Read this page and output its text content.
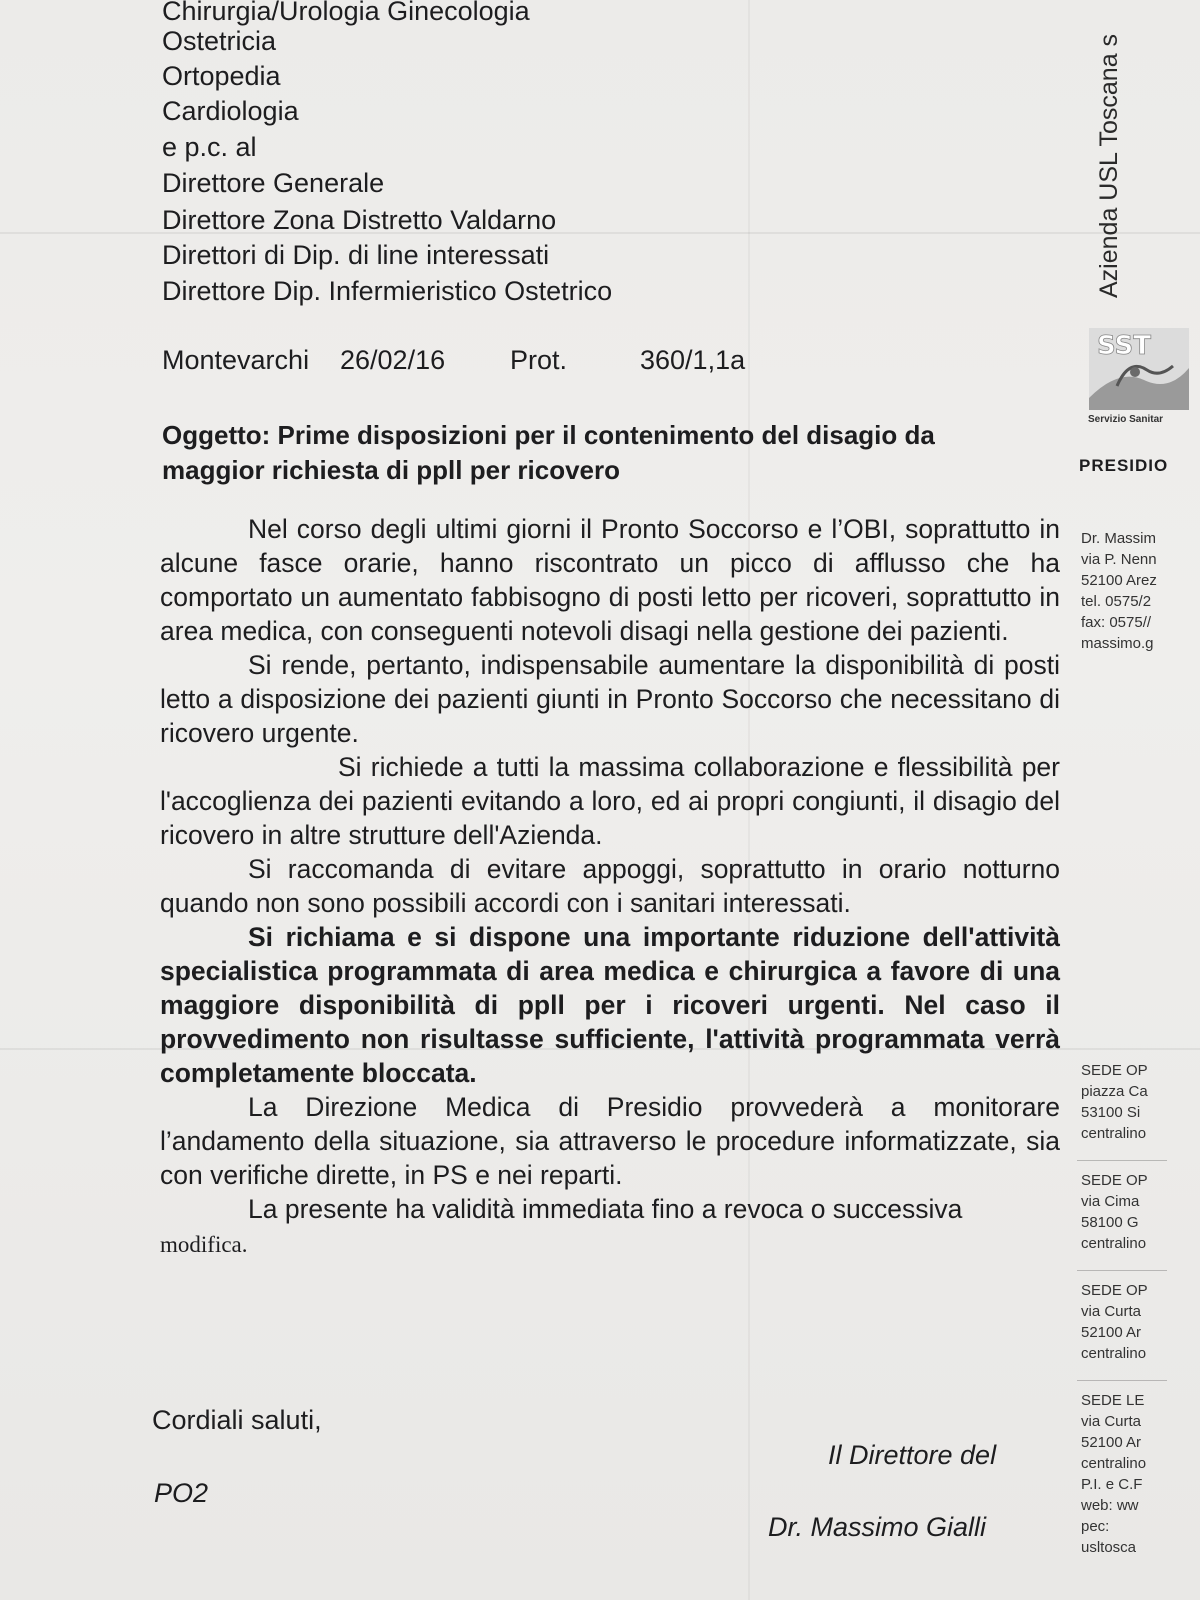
Chirurgia/Urologia Ginecologia
Ostetricia
Ortopedia
Cardiologia
e p.c. al
Direttore Generale
Direttore Zona Distretto Valdarno
Direttori di Dip. di line interessati
Direttore Dip. Infermieristico Ostetrico
Montevarchi 26/02/16 Prot.	360/1,1a
Oggetto: Prime disposizioni per il contenimento del disagio da maggior richiesta di ppll per ricovero

Nel corso degli ultimi giorni il Pronto Soccorso e l’OBI, soprattutto in alcune fasce orarie, hanno riscontrato un picco di afflusso che ha comportato un aumentato fabbisogno di posti letto per ricoveri, soprattutto in area medica, con conseguenti notevoli disagi nella gestione dei pazienti.

Si rende, pertanto, indispensabile aumentare la disponibilità di posti letto a disposizione dei pazienti giunti in Pronto Soccorso che necessitano di ricovero urgente.

Si richiede a tutti la massima collaborazione e flessibilità per l'accoglienza dei pazienti evitando a loro, ed ai propri congiunti, il disagio del ricovero in altre strutture dell'Azienda.

Si raccomanda di evitare appoggi, soprattutto in orario notturno quando non sono possibili accordi con i sanitari interessati.

Si richiama e si dispone una importante riduzione dell'attività specialistica programmata di area medica e chirurgica a favore di una maggiore disponibilità di ppll per i ricoveri urgenti. Nel caso il provvedimento non risultasse sufficiente, l'attività programmata verrà completamente bloccata.

La Direzione Medica di Presidio provvederà a monitorare l’andamento della situazione, sia attraverso le procedure informatizzate, sia con verifiche dirette, in PS e nei reparti.

La presente ha validità immediata fino a revoca o successiva
modifica.

Cordiali saluti,
Il Direttore del
PO2
Dr. Massimo Gialli
Azienda USL Toscana s
SST
Servizio Sanitar
PRESIDIO
Dr. Massim
via P. Nenn
52100 Arez
tel. 0575/2
fax: 0575//
massimo.g
SEDE OP
piazza Ca
53100 Si
centralino
SEDE OP
via Cima
58100 G
centralino
SEDE OP
via Curta
52100 Ar
centralino
SEDE LE
via Curta
52100 Ar
centralino
P.I. e C.F
web: ww
pec:
usltosca
